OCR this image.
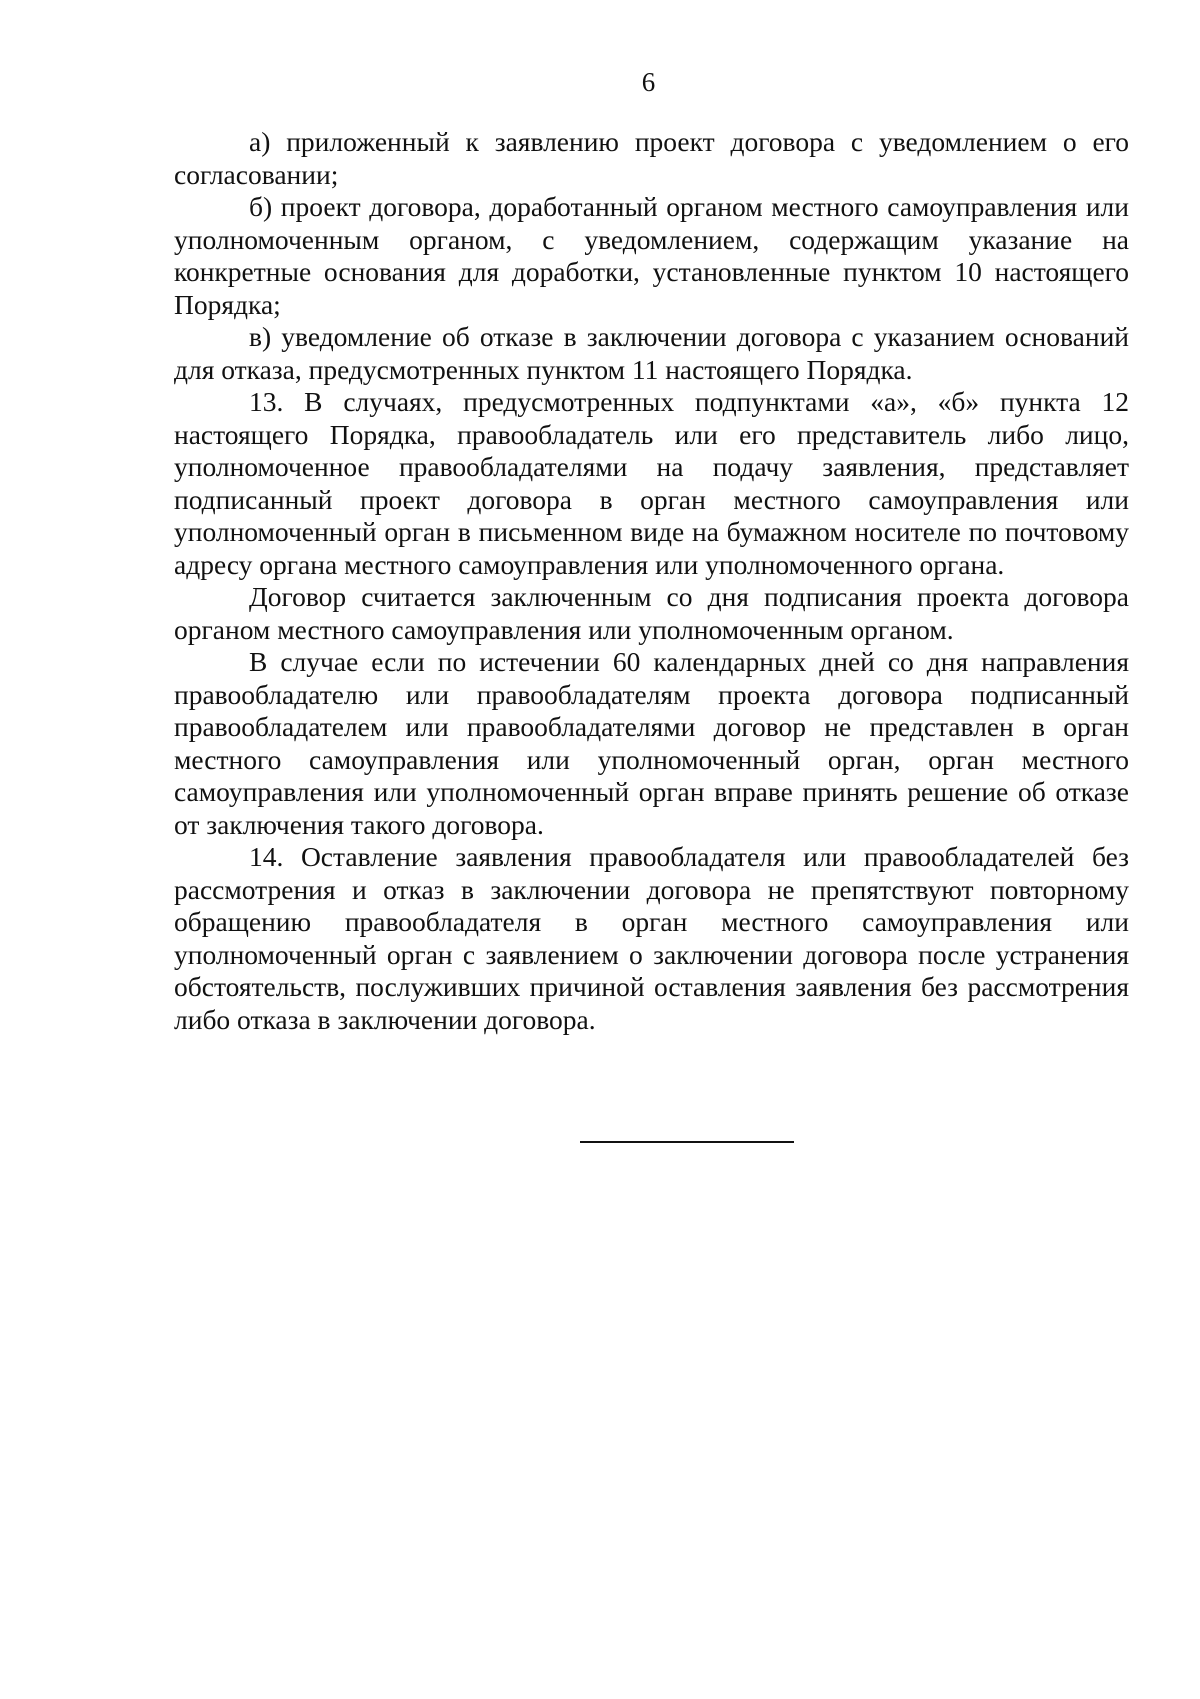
6

а) приложенный к заявлению проект договора с уведомлением о его согласовании;

б) проект договора, доработанный органом местного самоуправления или уполномоченным органом, с уведомлением, содержащим указание на конкретные основания для доработки, установленные пунктом 10 настоящего Порядка;

в) уведомление об отказе в заключении договора с указанием оснований для отказа, предусмотренных пунктом 11 настоящего Порядка.

13. В случаях, предусмотренных подпунктами «а», «б» пункта 12 настоящего Порядка, правообладатель или его представитель либо лицо, уполномоченное правообладателями на подачу заявления, представляет подписанный проект договора в орган местного самоуправления или уполномоченный орган в письменном виде на бумажном носителе по почтовому адресу органа местного самоуправления или уполномоченного органа.

Договор считается заключенным со дня подписания проекта договора органом местного самоуправления или уполномоченным органом.

В случае если по истечении 60 календарных дней со дня направления правообладателю или правообладателям проекта договора подписанный правообладателем или правообладателями договор не представлен в орган местного самоуправления или уполномоченный орган, орган местного самоуправления или уполномоченный орган вправе принять решение об отказе от заключения такого договора.

14. Оставление заявления правообладателя или правообладателей без рассмотрения и отказ в заключении договора не препятствуют повторному обращению правообладателя в орган местного самоуправления или уполномоченный орган с заявлением о заключении договора после устранения обстоятельств, послуживших причиной оставления заявления без рассмотрения либо отказа в заключении договора.
